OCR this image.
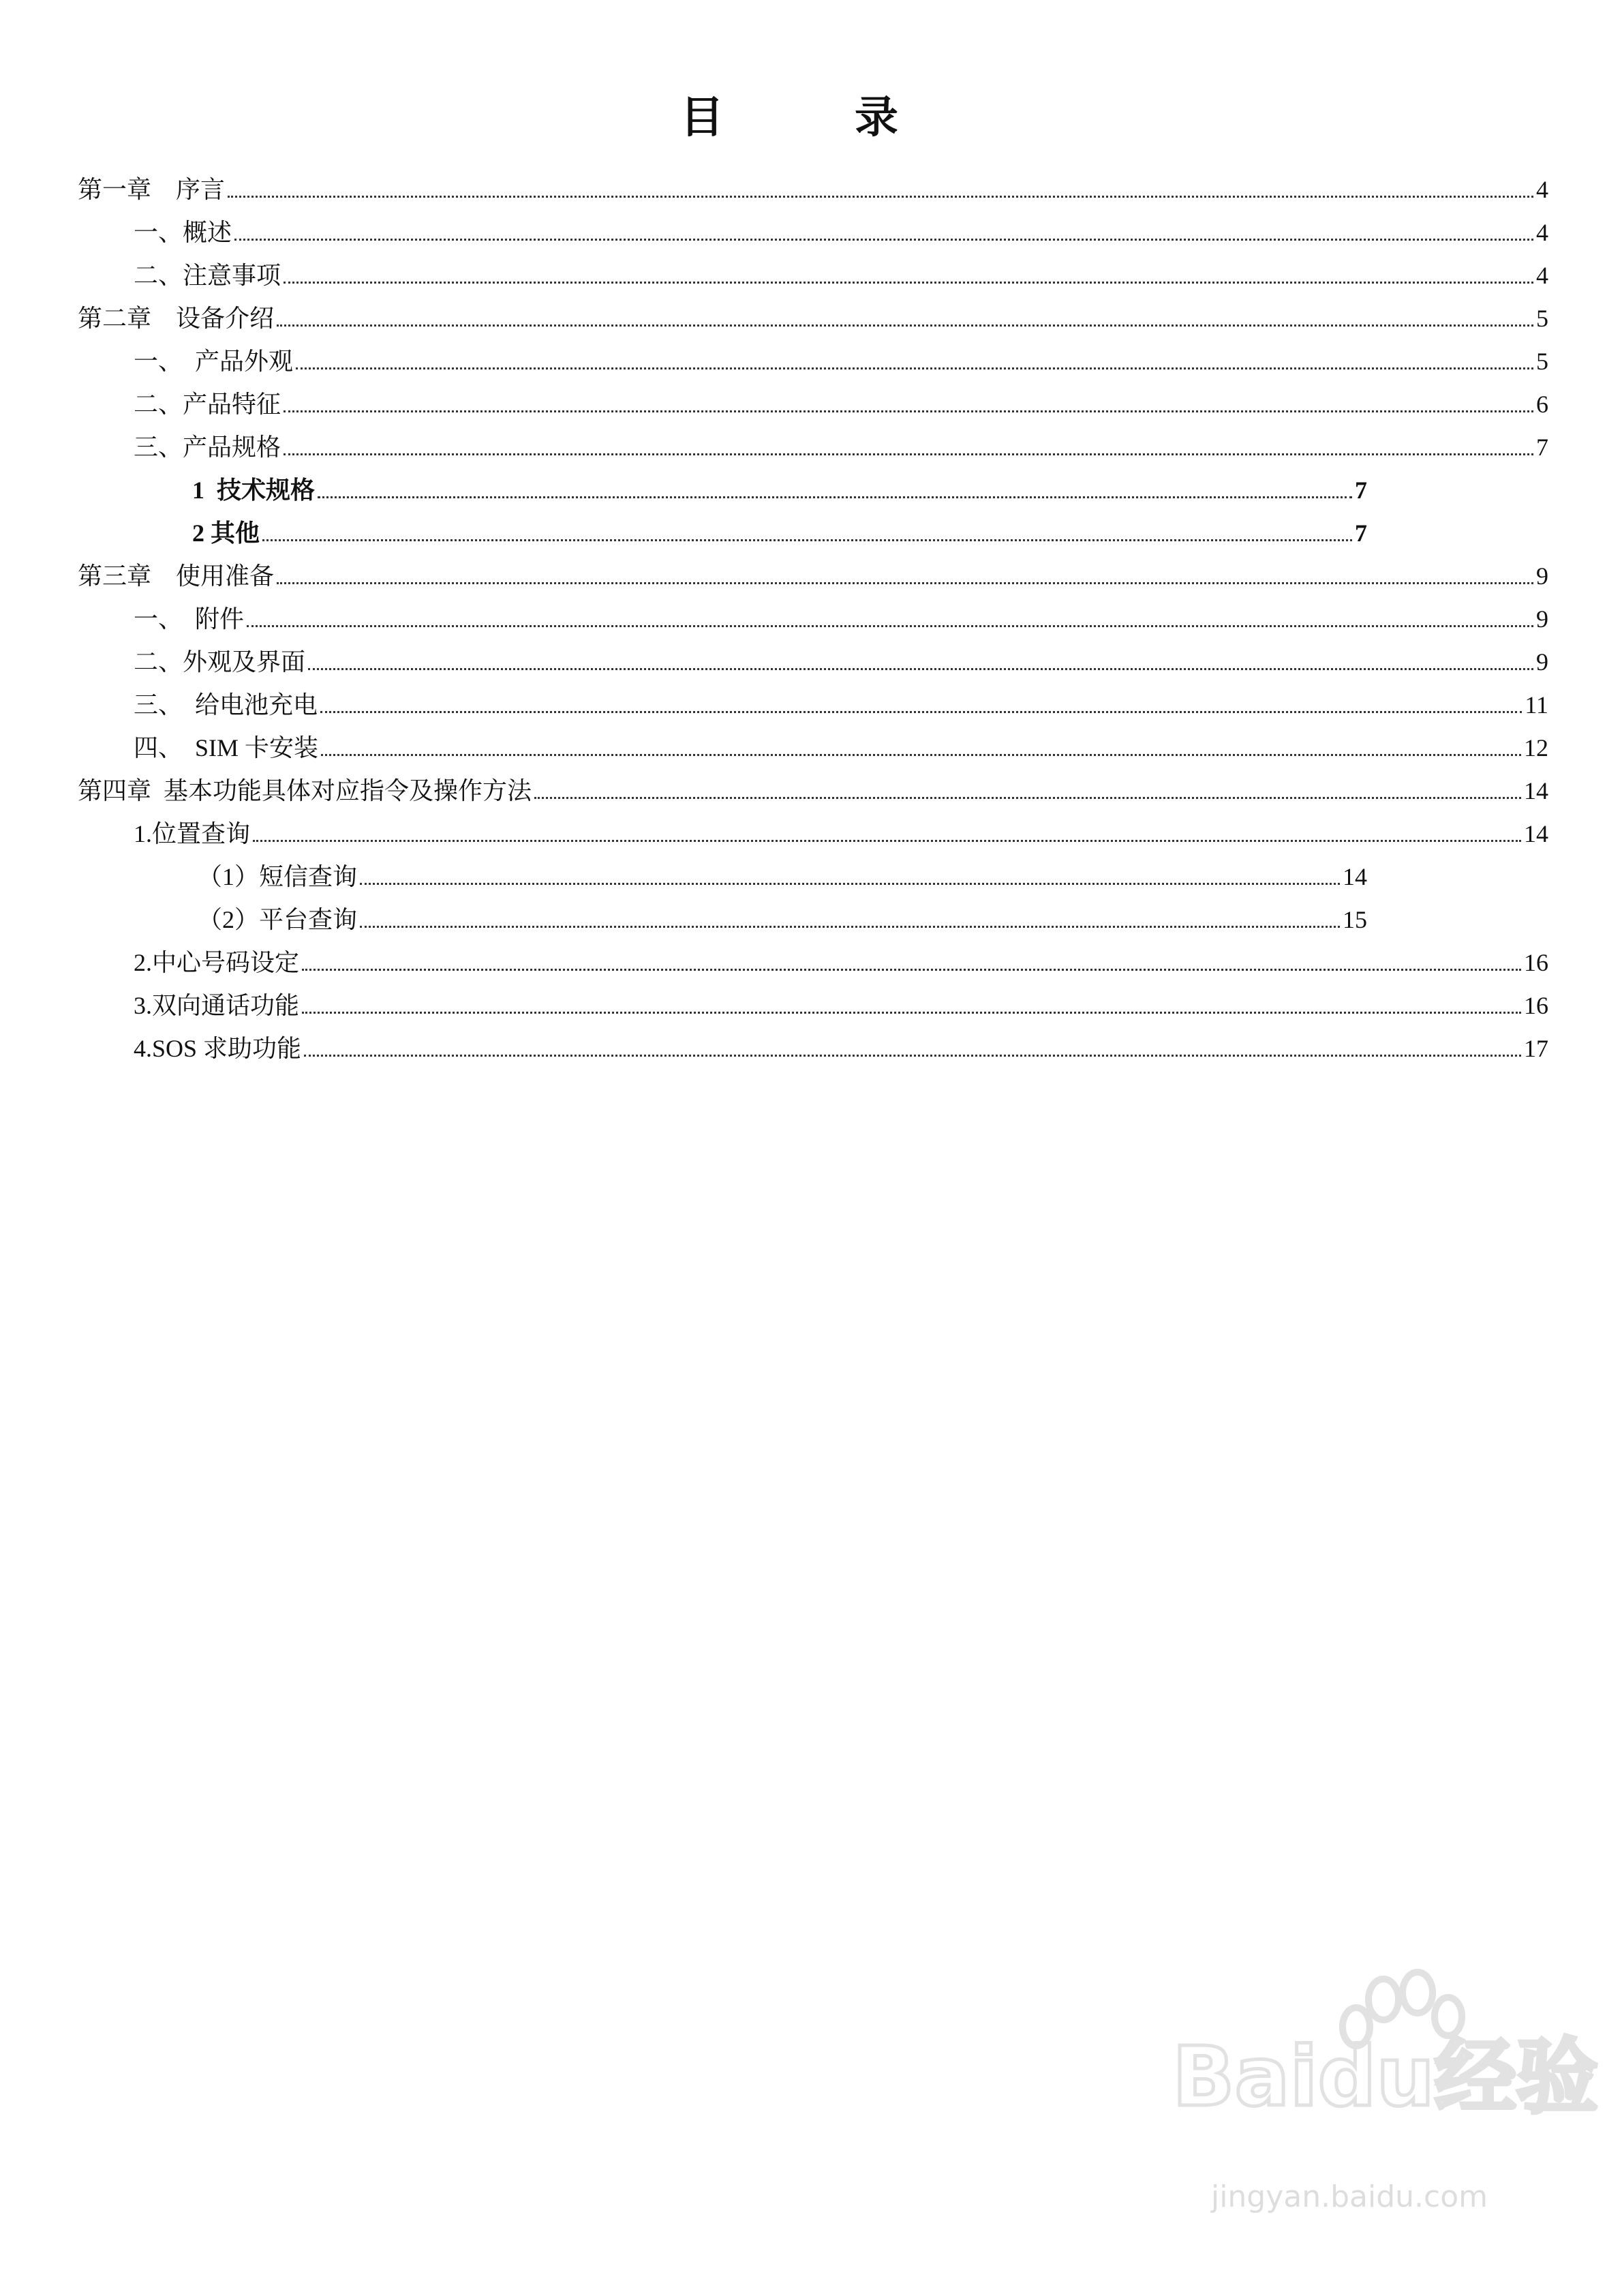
目　录
第一章　序言	4
一、概述	4
二、注意事项	4
第二章　设备介绍	5
一、　产品外观	5
二、产品特征	6
三、产品规格	7
1  技术规格	7
2 其他	7
第三章　使用准备	9
一、　附件	9
二、外观及界面	9
三、　给电池充电	11
四、　SIM 卡安装	12
第四章  基本功能具体对应指令及操作方法	14
1.位置查询	14
（1）短信查询	14
（2）平台查询	15
2.中心号码设定	16
3.双向通话功能	16
4.SOS 求助功能	17
Baidu经验
jingyan.baidu.com
